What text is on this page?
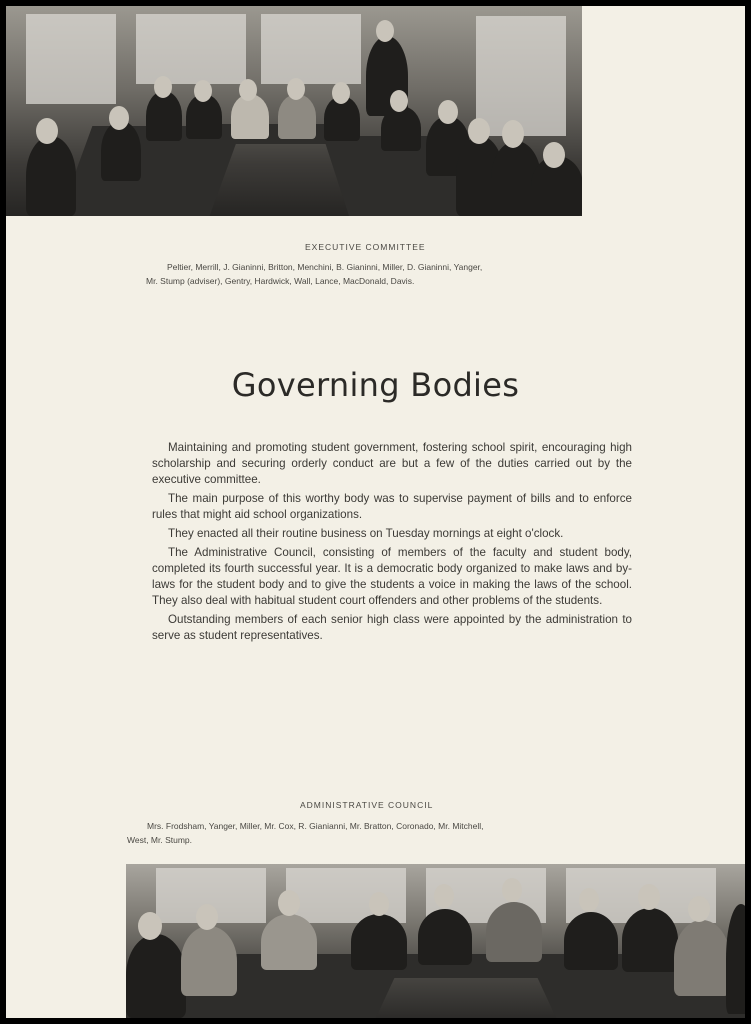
EXECUTIVE COMMITTEE
Peltier, Merrill, J. Gianinni, Britton, Menchini, B. Gianinni, Miller, D. Gianinni, Yanger,
Mr. Stump (adviser), Gentry, Hardwick, Wall, Lance, MacDonald, Davis.
Governing Bodies

Maintaining and promoting student government, fostering school spirit, encouraging high scholarship and securing orderly conduct are but a few of the duties carried out by the executive committee.

The main purpose of this worthy body was to supervise payment of bills and to enforce rules that might aid school organizations.

They enacted all their routine business on Tuesday mornings at eight o'clock.

The Administrative Council, consisting of members of the faculty and student body, completed its fourth successful year. It is a democratic body organized to make laws and by-laws for the student body and to give the students a voice in making the laws of the school. They also deal with habitual student court offenders and other problems of the students.

Outstanding members of each senior high class were appointed by the administration to serve as student representatives.

ADMINISTRATIVE COUNCIL
Mrs. Frodsham, Yanger, Miller, Mr. Cox, R. Gianianni, Mr. Bratton, Coronado, Mr. Mitchell,
West, Mr. Stump.
